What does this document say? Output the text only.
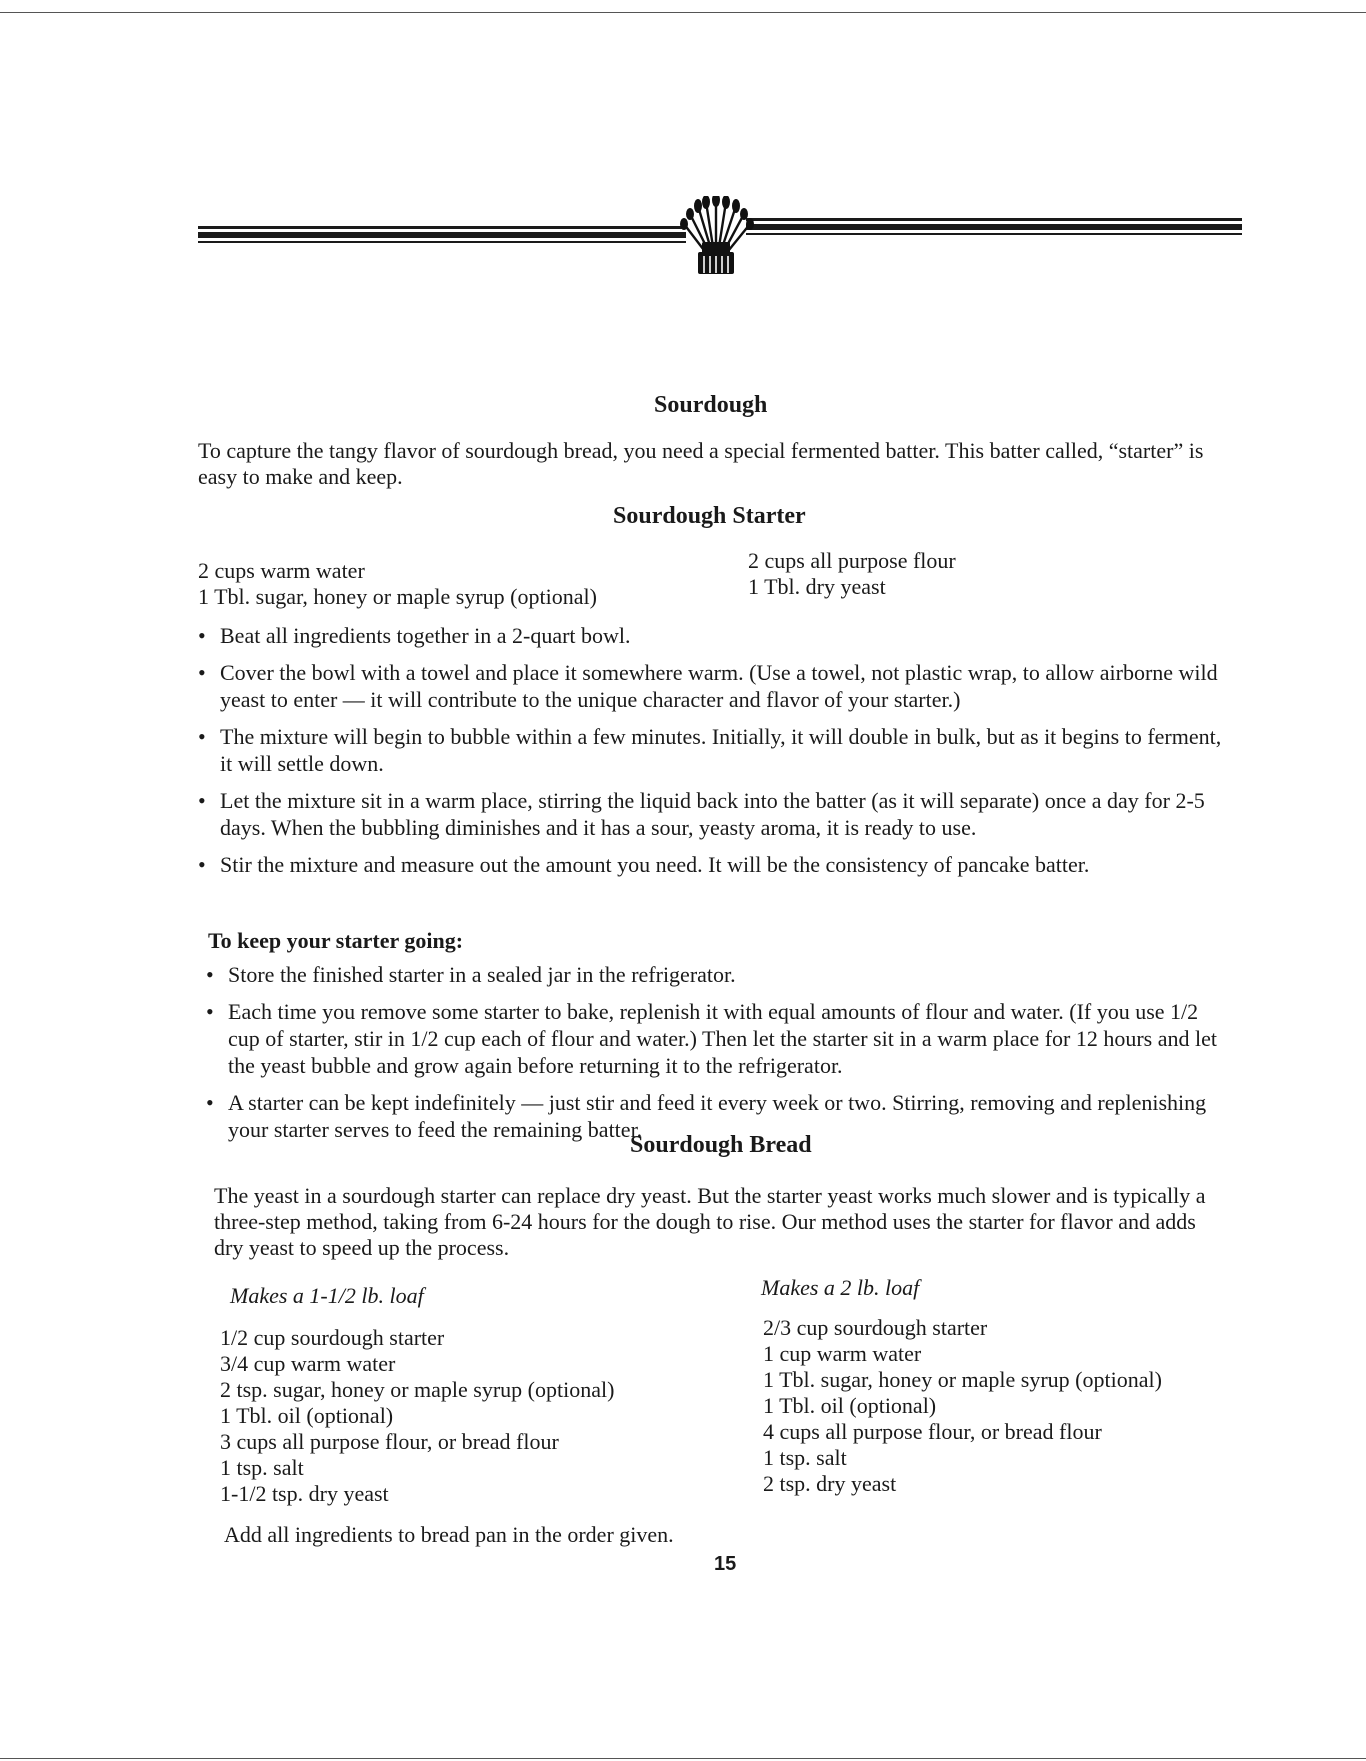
Sourdough
To capture the tangy flavor of sourdough bread, you need a special fermented batter. This batter called, “starter” is easy to make and keep.
Sourdough Starter
2 cups warm water
1 Tbl. sugar, honey or maple syrup (optional)
2 cups all purpose flour
1 Tbl. dry yeast
• Beat all ingredients together in a 2-quart bowl.
• Cover the bowl with a towel and place it somewhere warm. (Use a towel, not plastic wrap, to allow airborne wild yeast to enter — it will contribute to the unique character and flavor of your starter.)
• The mixture will begin to bubble within a few minutes. Initially, it will double in bulk, but as it begins to ferment, it will settle down.
• Let the mixture sit in a warm place, stirring the liquid back into the batter (as it will separate) once a day for 2-5 days. When the bubbling diminishes and it has a sour, yeasty aroma, it is ready to use.
• Stir the mixture and measure out the amount you need. It will be the consistency of pancake batter.
To keep your starter going:
• Store the finished starter in a sealed jar in the refrigerator.
• Each time you remove some starter to bake, replenish it with equal amounts of flour and water. (If you use 1/2 cup of starter, stir in 1/2 cup each of flour and water.) Then let the starter sit in a warm place for 12 hours and let the yeast bubble and grow again before returning it to the refrigerator.
• A starter can be kept indefinitely — just stir and feed it every week or two. Stirring, removing and replenishing your starter serves to feed the remaining batter.
Sourdough Bread
The yeast in a sourdough starter can replace dry yeast. But the starter yeast works much slower and is typically a three-step method, taking from 6-24 hours for the dough to rise. Our method uses the starter for flavor and adds dry yeast to speed up the process.
Makes a 1-1/2 lb. loaf
1/2 cup sourdough starter
3/4 cup warm water
2 tsp. sugar, honey or maple syrup (optional)
1 Tbl. oil (optional)
3 cups all purpose flour, or bread flour
1 tsp. salt
1-1/2 tsp. dry yeast
Makes a 2 lb. loaf
2/3 cup sourdough starter
1 cup warm water
1 Tbl. sugar, honey or maple syrup (optional)
1 Tbl. oil (optional)
4 cups all purpose flour, or bread flour
1 tsp. salt
2 tsp. dry yeast
Add all ingredients to bread pan in the order given.
15
